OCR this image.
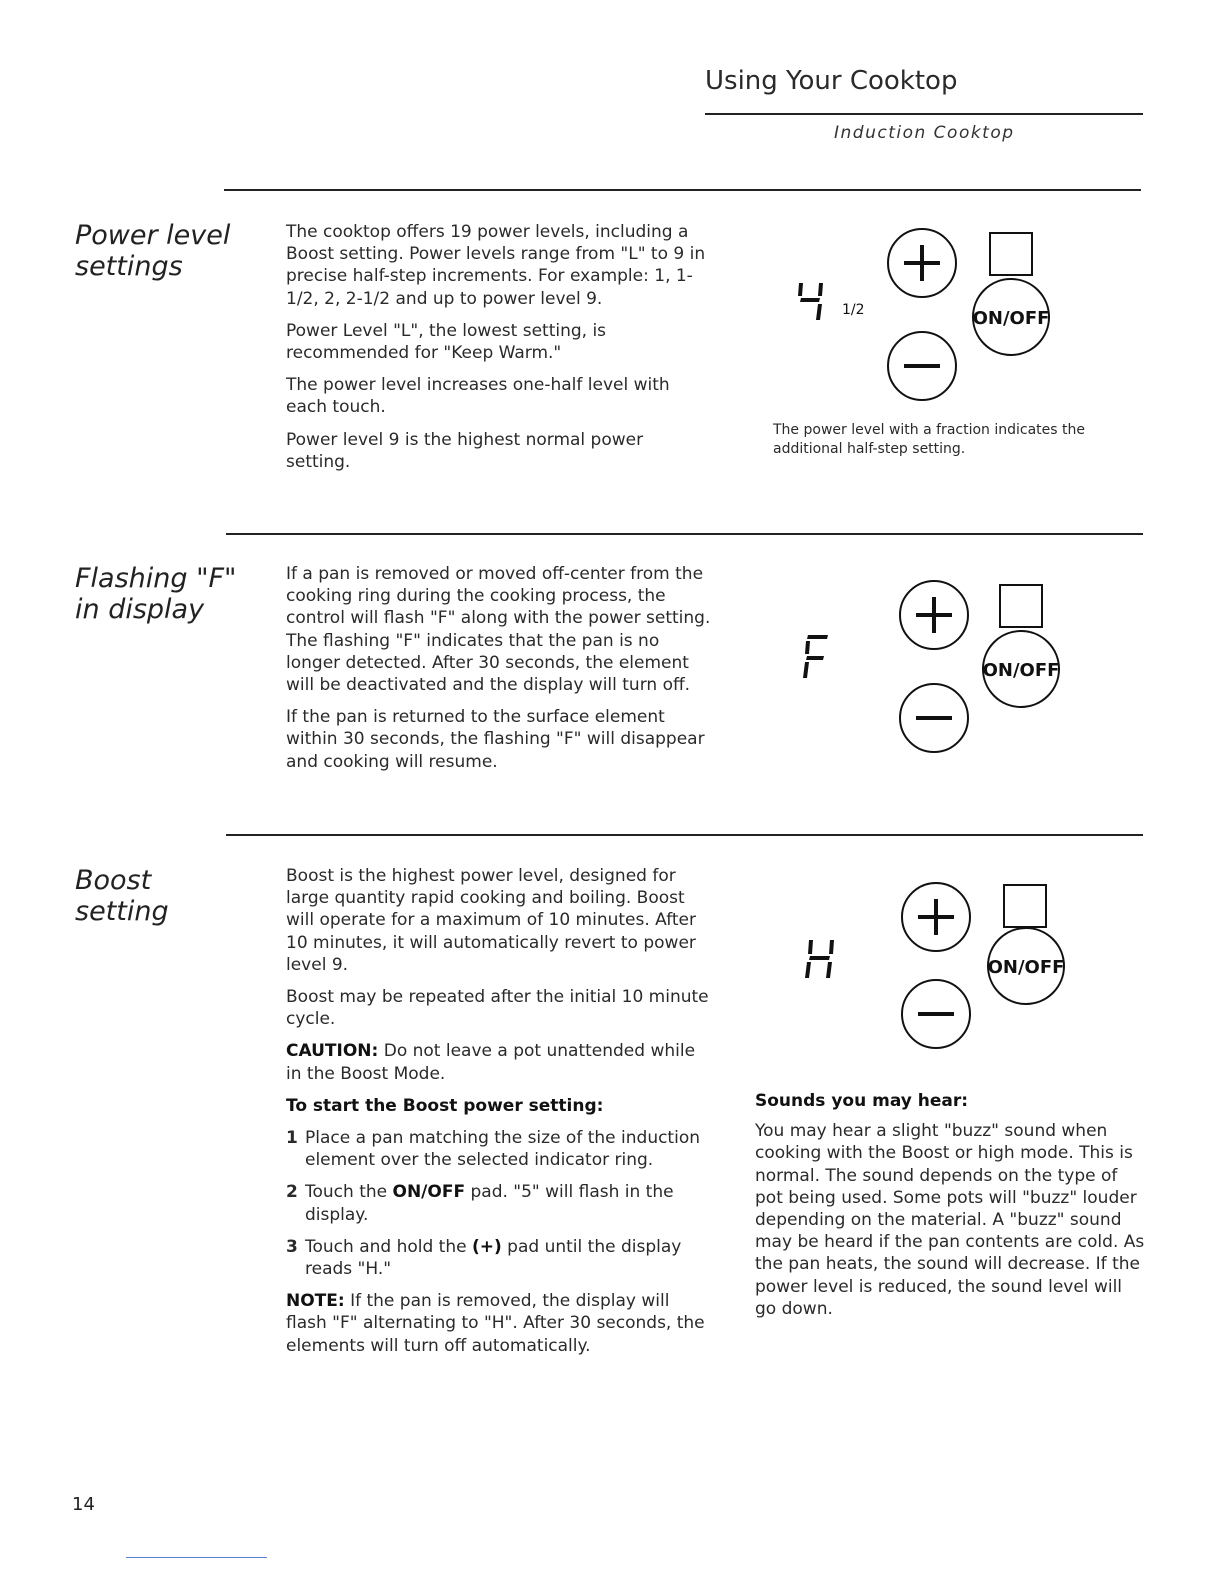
Using Your Cooktop
Induction Cooktop
Power level
settings

The cooktop offers 19 power levels, including a Boost setting. Power levels range from "L" to 9 in precise half-step increments. For example: 1, 1-1/2, 2, 2-1/2 and up to power level 9.

Power Level "L", the lowest setting, is recommended for "Keep Warm."

The power level increases one-half level with each touch.

Power level 9 is the highest normal power setting.

1/2	ON/OFF
The power level with a fraction indicates the additional half-step setting.
Flashing "F"
in display

If a pan is removed or moved off-center from the cooking ring during the cooking process, the control will flash "F" along with the power setting. The flashing "F" indicates that the pan is no longer detected. After 30 seconds, the element will be deactivated and the display will turn off.

If the pan is returned to the surface element within 30 seconds, the flashing "F" will disappear and cooking will resume.

ON/OFF
Boost
setting

Boost is the highest power level, designed for large quantity rapid cooking and boiling. Boost will operate for a maximum of 10 minutes. After 10 minutes, it will automatically revert to power level 9.

Boost may be repeated after the initial 10 minute cycle.

CAUTION: Do not leave a pot unattended while in the Boost Mode.

To start the Boost power setting:

1 Place a pan matching the size of the induction element over the selected indicator ring.
2 Touch the ON/OFF pad. "5" will flash in the display.
3 Touch and hold the (+) pad until the display reads "H."

NOTE: If the pan is removed, the display will flash "F" alternating to "H". After 30 seconds, the elements will turn off automatically.

ON/OFF

Sounds you may hear:

You may hear a slight "buzz" sound when cooking with the Boost or high mode. This is normal. The sound depends on the type of pot being used. Some pots will "buzz" louder depending on the material. A "buzz" sound may be heard if the pan contents are cold. As the pan heats, the sound will decrease. If the power level is reduced, the sound level will go down.

14
